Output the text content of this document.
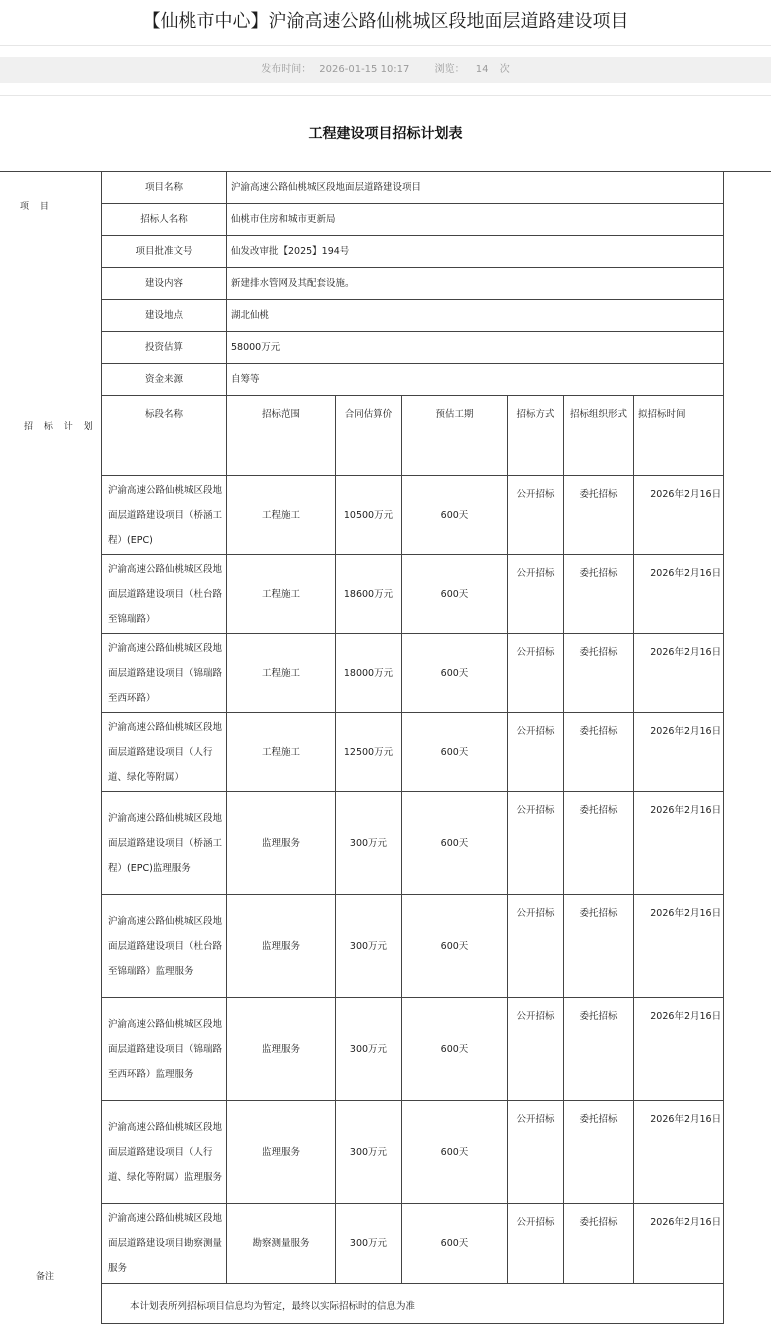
【仙桃市中心】沪渝高速公路仙桃城区段地面层道路建设项目
发布时间： 2026-01-15 10:17	浏览： 14 次
工程建设项目招标计划表
项 目
招 标 计 划
备注
项目名称	沪渝高速公路仙桃城区段地面层道路建设项目					
招标人名称	仙桃市住房和城市更新局					
项目批准文号	仙发改审批【2025】194号					
建设内容	新建排水管网及其配套设施。					
建设地点	湖北仙桃					
投资估算	58000万元					
资金来源	自筹等					
标段名称	招标范围	合同估算价	预估工期	招标方式	招标组织形式	拟招标时间
沪渝高速公路仙桃城区段地面层道路建设项目（桥涵工程）(EPC)	工程施工	10500万元	600天	公开招标	委托招标	2026年2月16日
沪渝高速公路仙桃城区段地面层道路建设项目（杜台路至锦瑞路）	工程施工	18600万元	600天	公开招标	委托招标	2026年2月16日
沪渝高速公路仙桃城区段地面层道路建设项目（锦瑞路至西环路）	工程施工	18000万元	600天	公开招标	委托招标	2026年2月16日
沪渝高速公路仙桃城区段地面层道路建设项目（人行道、绿化等附属）	工程施工	12500万元	600天	公开招标	委托招标	2026年2月16日
沪渝高速公路仙桃城区段地面层道路建设项目（桥涵工程）(EPC)监理服务	监理服务	300万元	600天	公开招标	委托招标	2026年2月16日
沪渝高速公路仙桃城区段地面层道路建设项目（杜台路至锦瑞路）监理服务	监理服务	300万元	600天	公开招标	委托招标	2026年2月16日
沪渝高速公路仙桃城区段地面层道路建设项目（锦瑞路至西环路）监理服务	监理服务	300万元	600天	公开招标	委托招标	2026年2月16日
沪渝高速公路仙桃城区段地面层道路建设项目（人行道、绿化等附属）监理服务	监理服务	300万元	600天	公开招标	委托招标	2026年2月16日
沪渝高速公路仙桃城区段地面层道路建设项目勘察测量服务	勘察测量服务	300万元	600天	公开招标	委托招标	2026年2月16日
本计划表所列招标项目信息均为暂定，最终以实际招标时的信息为准						
